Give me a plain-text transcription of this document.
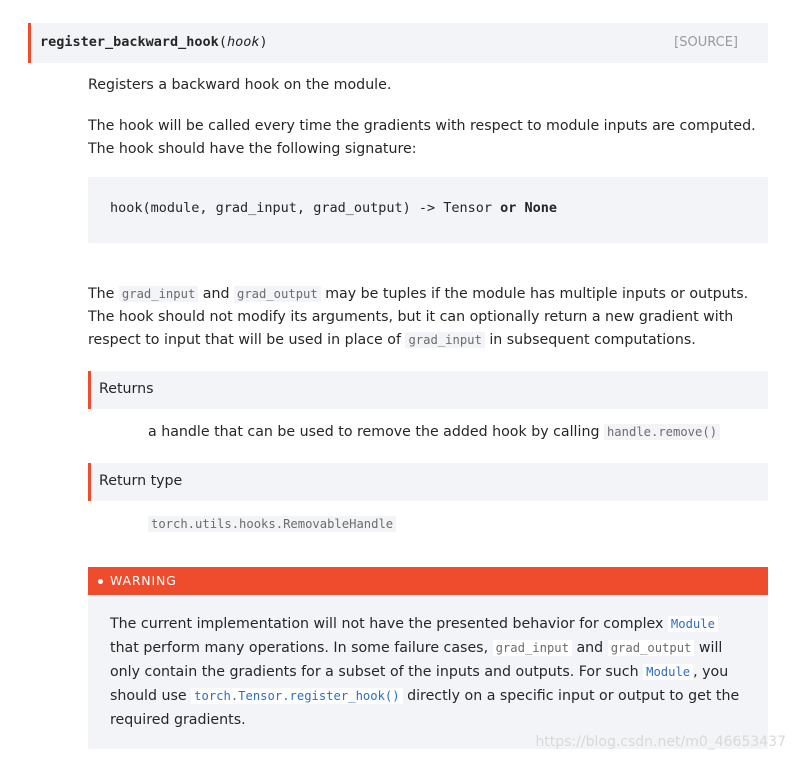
register_backward_hook(hook)	[SOURCE]
Registers a backward hook on the module.
The hook will be called every time the gradients with respect to module inputs are computed. The hook should have the following signature:
hook(module, grad_input, grad_output) -> Tensor or None
The grad_input and grad_output may be tuples if the module has multiple inputs or outputs. The hook should not modify its arguments, but it can optionally return a new gradient with respect to input that will be used in place of grad_input in subsequent computations.
Returns
a handle that can be used to remove the added hook by calling handle.remove()
Return type
torch.utils.hooks.RemovableHandle
WARNING

The current implementation will not have the presented behavior for complex Module that perform many operations. In some failure cases, grad_input and grad_output will only contain the gradients for a subset of the inputs and outputs. For such Module , you should use torch.Tensor.register_hook() directly on a specific input or output to get the required gradients.

https://blog.csdn.net/m0_46653437
